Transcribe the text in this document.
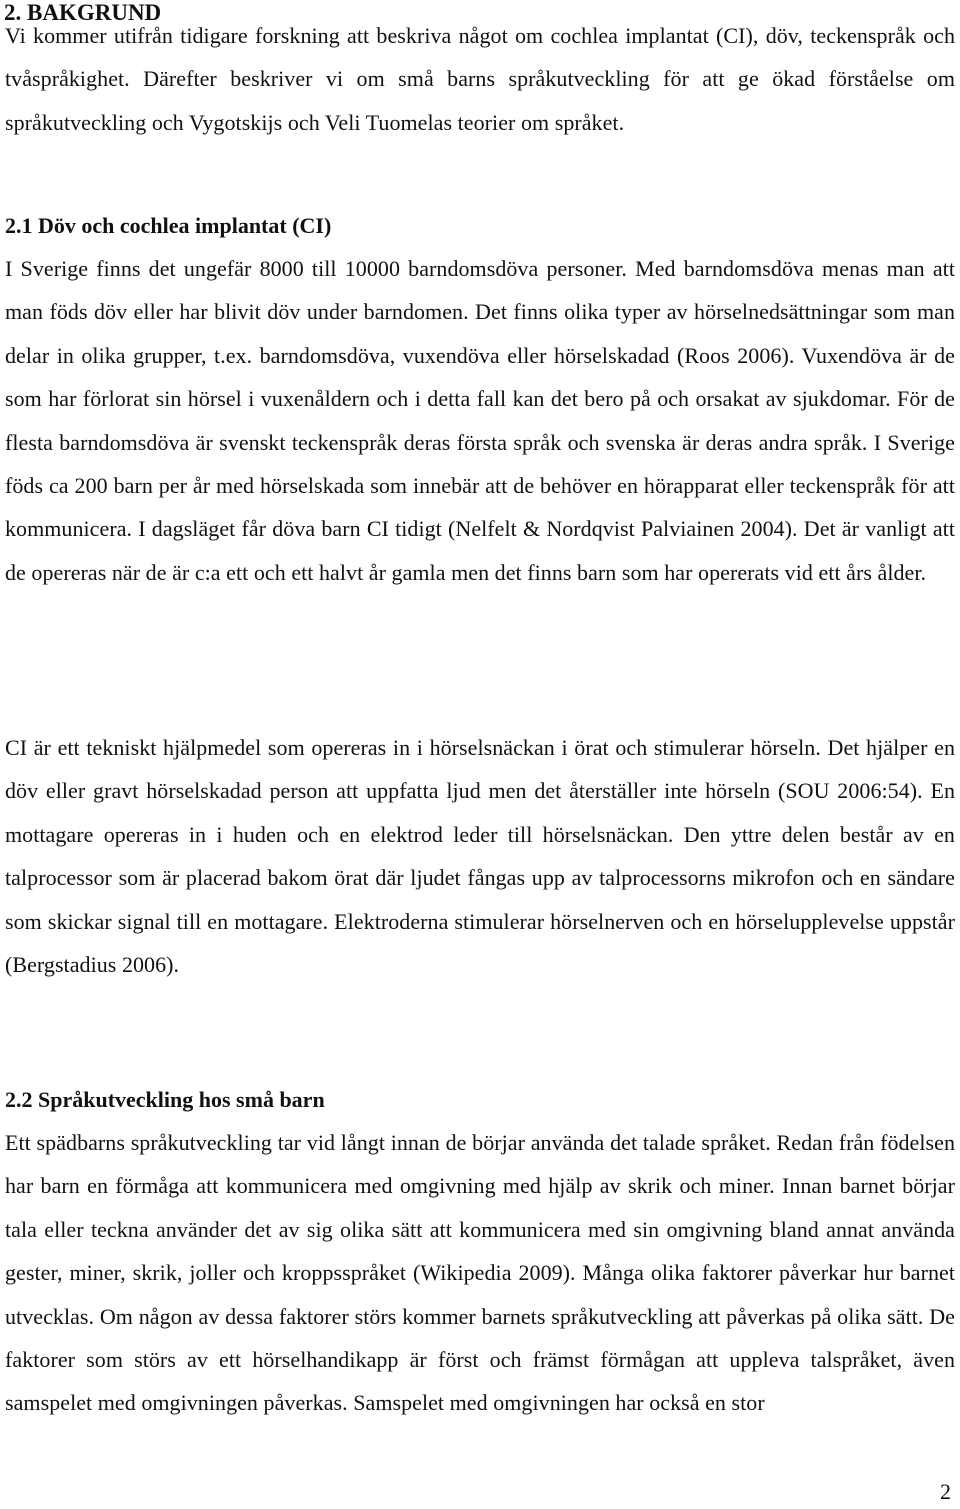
2. BAKGRUND

Vi kommer utifrån tidigare forskning att beskriva något om cochlea implantat (CI), döv, teckenspråk och tvåspråkighet. Därefter beskriver vi om små barns språkutveckling för att ge ökad förståelse om språkutveckling och Vygotskijs och Veli Tuomelas teorier om språket.

2.1 Döv och cochlea implantat (CI)

I Sverige finns det ungefär 8000 till 10000 barndomsdöva personer. Med barndomsdöva menas man att man föds döv eller har blivit döv under barndomen. Det finns olika typer av hörselnedsättningar som man delar in olika grupper, t.ex. barndomsdöva, vuxendöva eller hörselskadad (Roos 2006). Vuxendöva är de som har förlorat sin hörsel i vuxenåldern och i detta fall kan det bero på och orsakat av sjukdomar. För de flesta barndomsdöva är svenskt teckenspråk deras första språk och svenska är deras andra språk. I Sverige föds ca 200 barn per år med hörselskada som innebär att de behöver en hörapparat eller teckenspråk för att kommunicera. I dagsläget får döva barn CI tidigt (Nelfelt & Nordqvist Palviainen 2004). Det är vanligt att de opereras när de är c:a ett och ett halvt år gamla men det finns barn som har opererats vid ett års ålder.

CI är ett tekniskt hjälpmedel som opereras in i hörselsnäckan i örat och stimulerar hörseln. Det hjälper en döv eller gravt hörselskadad person att uppfatta ljud men det återställer inte hörseln (SOU 2006:54). En mottagare opereras in i huden och en elektrod leder till hörselsnäckan. Den yttre delen består av en talprocessor som är placerad bakom örat där ljudet fångas upp av talprocessorns mikrofon och en sändare som skickar signal till en mottagare. Elektroderna stimulerar hörselnerven och en hörselupplevelse uppstår (Bergstadius 2006).

2.2 Språkutveckling hos små barn

Ett spädbarns språkutveckling tar vid långt innan de börjar använda det talade språket. Redan från födelsen har barn en förmåga att kommunicera med omgivning med hjälp av skrik och miner. Innan barnet börjar tala eller teckna använder det av sig olika sätt att kommunicera med sin omgivning bland annat använda gester, miner, skrik, joller och kroppsspråket (Wikipedia 2009). Många olika faktorer påverkar hur barnet utvecklas. Om någon av dessa faktorer störs kommer barnets språkutveckling att påverkas på olika sätt. De faktorer som störs av ett hörselhandikapp är först och främst förmågan att uppleva talspråket, även samspelet med omgivningen påverkas. Samspelet med omgivningen har också en stor

2
